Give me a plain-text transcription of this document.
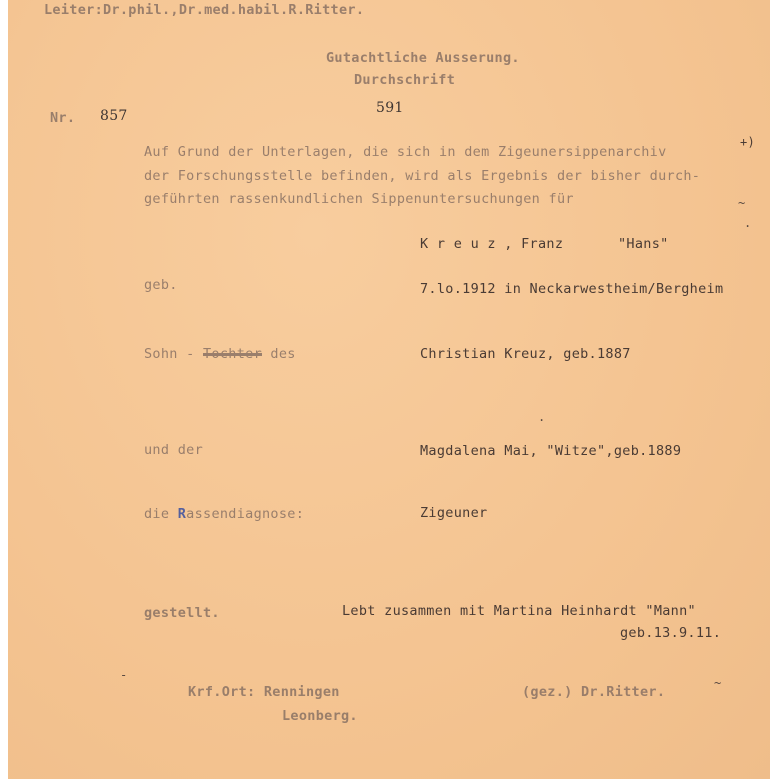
Leiter:Dr.phil.,Dr.med.habil.R.Ritter.
Gutachtliche Ausserung.
Durchschrift
591
Nr. 857
Auf Grund der Unterlagen, die sich in dem Zigeunersippenarchiv
+)
der Forschungsstelle befinden, wird als Ergebnis der bisher durch-
geführten rassenkundlichen Sippenuntersuchungen für	~
.
K r e u z , Franz	"Hans"
geb.	7.lo.1912 in Neckarwestheim/Bergheim
Sohn - Tochter des	Christian Kreuz, geb.1887
.
und der	Magdalena Mai, "Witze",geb.1889
die Rassendiagnose:	Zigeuner
gestellt.	Lebt zusammen mit Martina Heinhardt "Mann"
geb.13.9.11.
-
~
Krf.Ort: Renningen
Leonberg.
(gez.) Dr.Ritter.
